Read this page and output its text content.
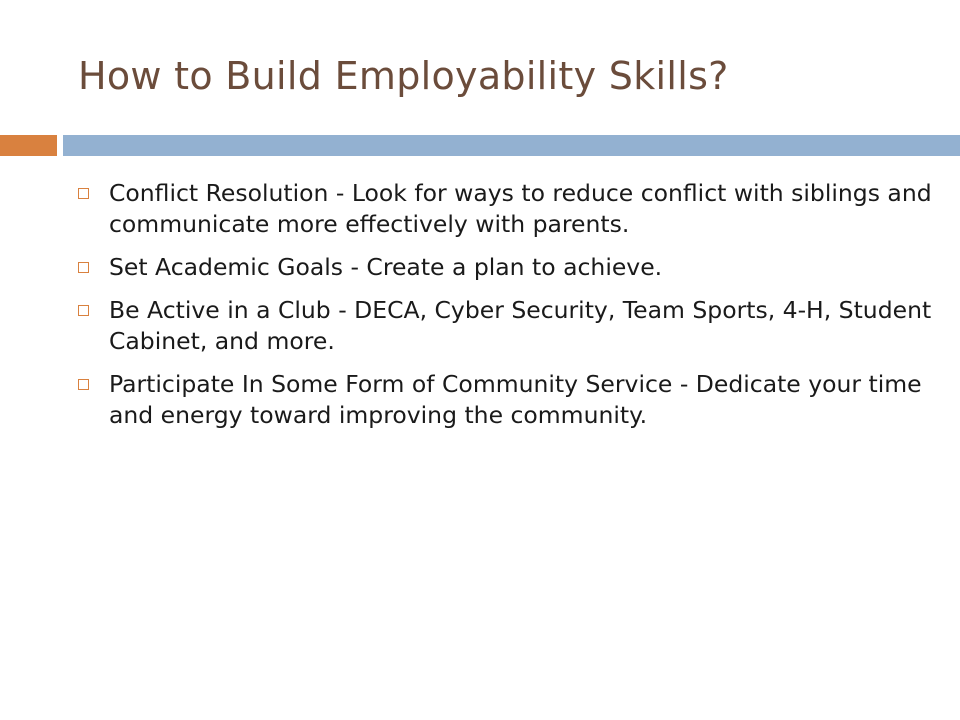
How to Build Employability Skills?
Conflict Resolution - Look for ways to reduce conflict with siblings and communicate more effectively with parents.
Set Academic Goals - Create a plan to achieve.
Be Active in a Club - DECA, Cyber Security, Team Sports, 4-H, Student Cabinet, and more.
Participate In Some Form of Community Service - Dedicate your time and energy toward improving the community.
